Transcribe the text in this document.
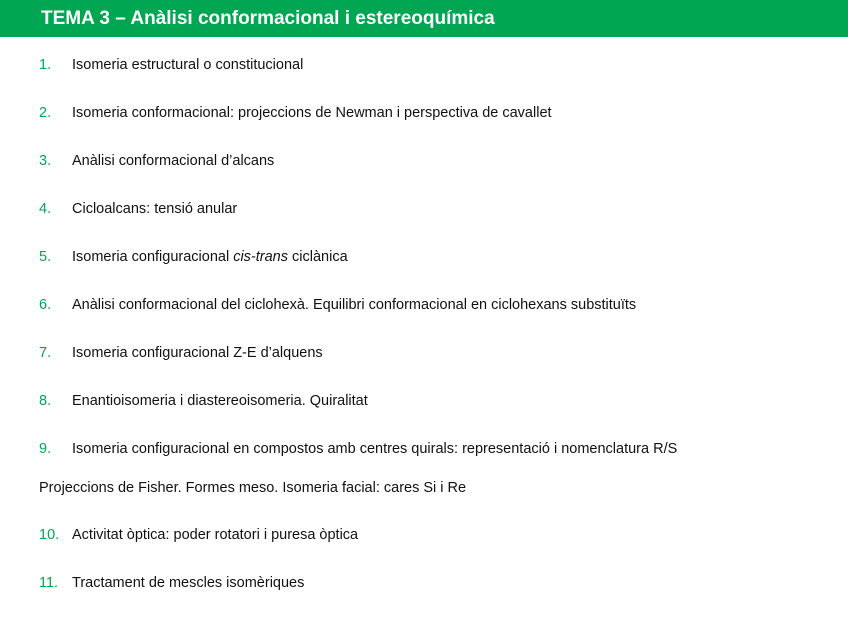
TEMA 3 – Anàlisi conformacional i estereoquímica
1. Isomeria estructural o constitucional
2. Isomeria conformacional: projeccions de Newman i perspectiva de cavallet
3. Anàlisi conformacional d’alcans
4. Cicloalcans: tensió anular
5. Isomeria configuracional cis-trans ciclànica
6. Anàlisi conformacional del ciclohexà. Equilibri conformacional en ciclohexans substituïts
7. Isomeria configuracional Z-E d’alquens
8. Enantioisomeria i diastereoisomeria. Quiralitat
9. Isomeria configuracional en compostos amb centres quirals: representació i nomenclatura R/S
Projeccions de Fisher. Formes meso. Isomeria facial: cares Si i Re
10. Activitat òptica: poder rotatori i puresa òptica
11. Tractament de mescles isomèriques
